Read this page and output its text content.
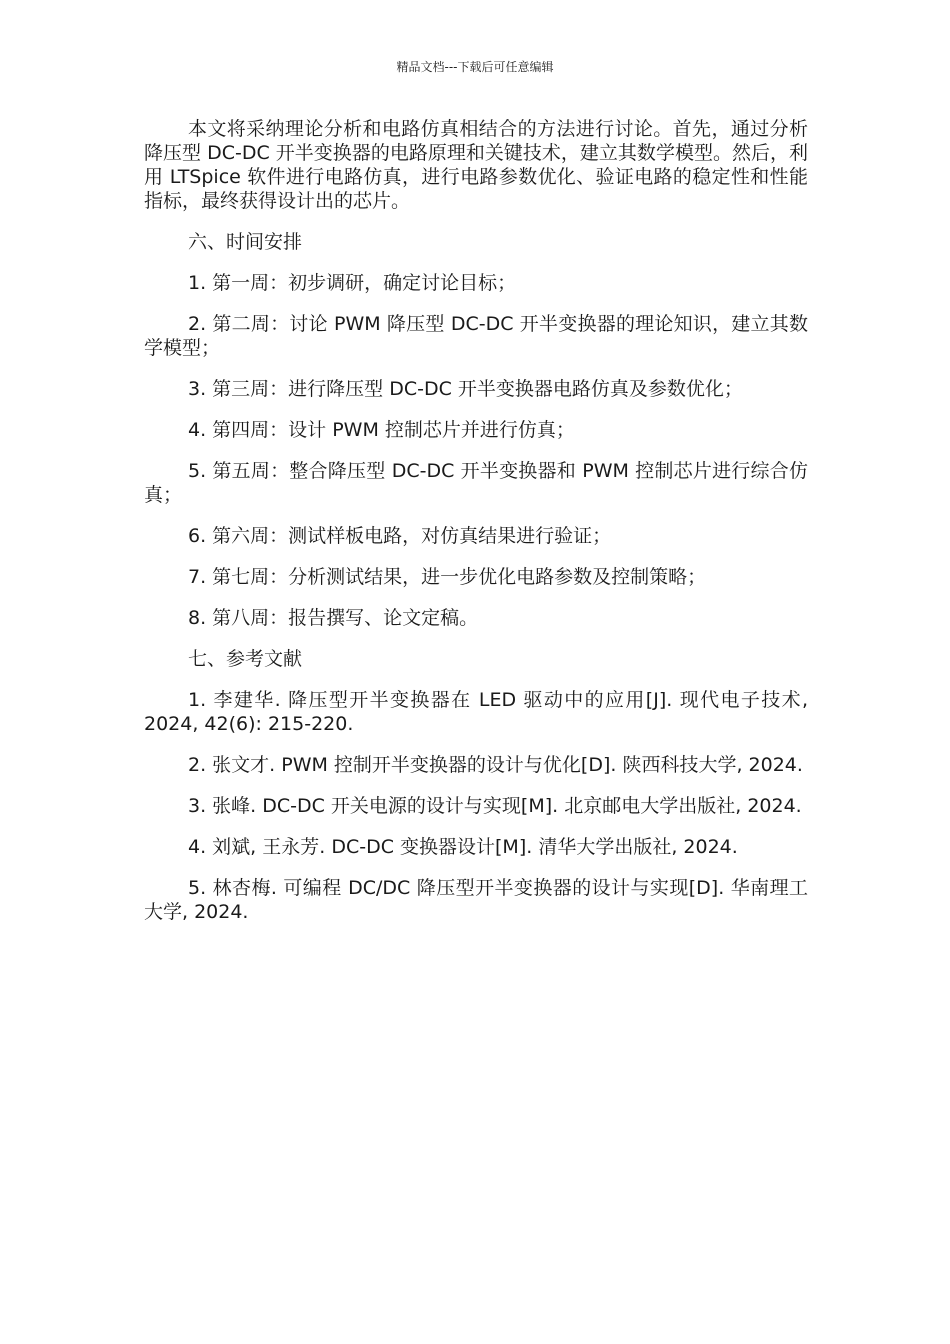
精品文档---下载后可任意编辑

本文将采纳理论分析和电路仿真相结合的方法进行讨论。首先，通过分析降压型 DC-DC 开半变换器的电路原理和关键技术，建立其数学模型。然后，利用 LTSpice 软件进行电路仿真，进行电路参数优化、验证电路的稳定性和性能指标，最终获得设计出的芯片。

六、时间安排

1. 第一周：初步调研，确定讨论目标；

2. 第二周：讨论 PWM 降压型 DC-DC 开半变换器的理论知识，建立其数学模型；

3. 第三周：进行降压型 DC-DC 开半变换器电路仿真及参数优化；

4. 第四周：设计 PWM 控制芯片并进行仿真；

5. 第五周：整合降压型 DC-DC 开半变换器和 PWM 控制芯片进行综合仿真；

6. 第六周：测试样板电路，对仿真结果进行验证；

7. 第七周：分析测试结果，进一步优化电路参数及控制策略；

8. 第八周：报告撰写、论文定稿。

七、参考文献

1. 李建华. 降压型开半变换器在 LED 驱动中的应用[J]. 现代电子技术, 2024, 42(6): 215-220.

2. 张文才. PWM 控制开半变换器的设计与优化[D]. 陕西科技大学, 2024.

3. 张峰. DC-DC 开关电源的设计与实现[M]. 北京邮电大学出版社, 2024.

4. 刘斌, 王永芳. DC-DC 变换器设计[M]. 清华大学出版社, 2024.

5. 林杏梅. 可编程 DC/DC 降压型开半变换器的设计与实现[D]. 华南理工大学, 2024.
